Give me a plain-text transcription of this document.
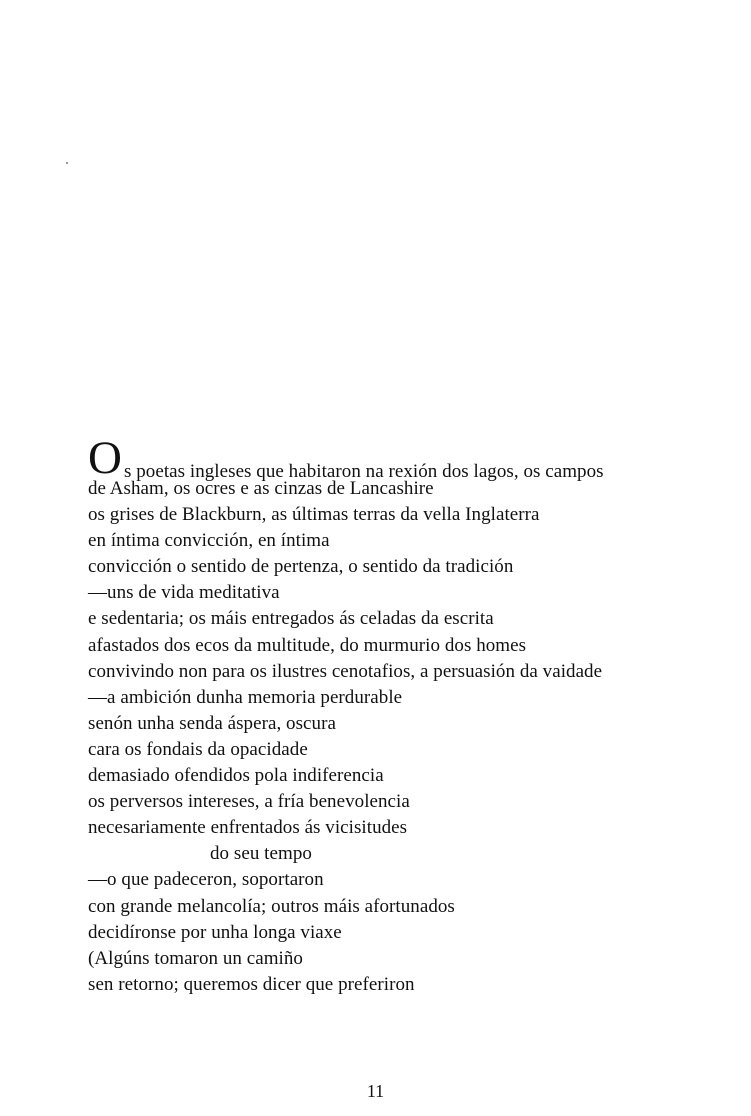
Os poetas ingleses que habitaron na rexión dos lagos, os campos
de Asham, os ocres e as cinzas de Lancashire
os grises de Blackburn, as últimas terras da vella Inglaterra
en íntima convicción, en íntima
convicción o sentido de pertenza, o sentido da tradición
—uns de vida meditativa
e sedentaria; os máis entregados ás celadas da escrita
afastados dos ecos da multitude, do murmurio dos homes
convivindo non para os ilustres cenotafios, a persuasión da vaidade
—a ambición dunha memoria perdurable
senón unha senda áspera, oscura
cara os fondais da opacidade
demasiado ofendidos pola indiferencia
os perversos intereses, a fría benevolencia
necesariamente enfrentados ás vicisitudes
do seu tempo
—o que padeceron, soportaron
con grande melancolía; outros máis afortunados
decidíronse por unha longa viaxe
(Algúns tomaron un camiño
sen retorno; queremos dicer que preferiron
11
